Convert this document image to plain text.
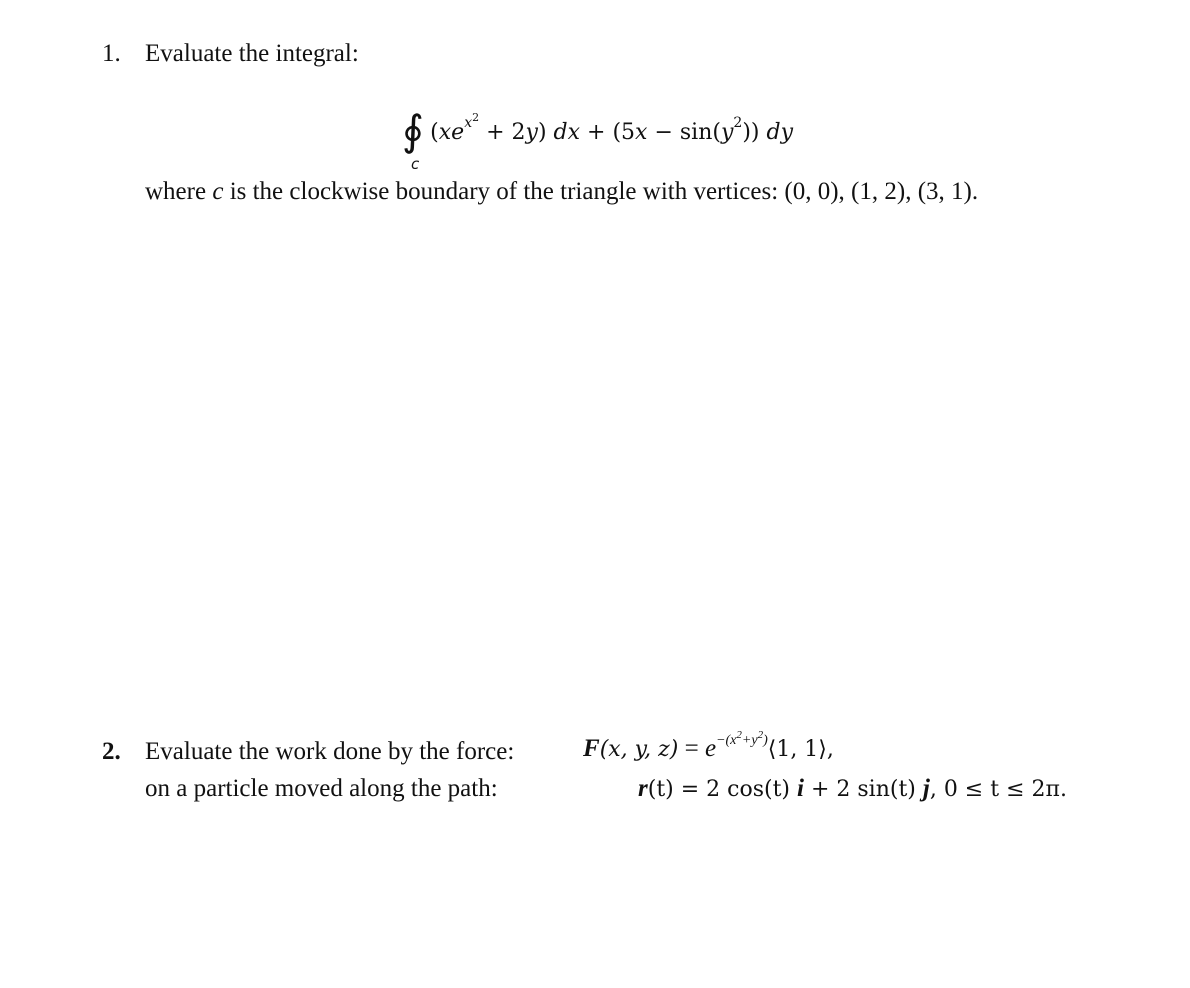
1. Evaluate the integral:
∮ $(xe^{x^2} + 2y)$ dx + $(5x - \sin(y^2))$ dy
c
where c is the clockwise boundary of the triangle with vertices: (0, 0), (1, 2), (3, 1).
2. Evaluate the work done by the force:	F(x, y, $z) = e^{-(x^2+y^2)}⟨1$, 1⟩,
on a particle moved along the path:	r(t) = 2 cos(t) i + 2 sin(t) j, 0 ≤ t ≤ 2π.
